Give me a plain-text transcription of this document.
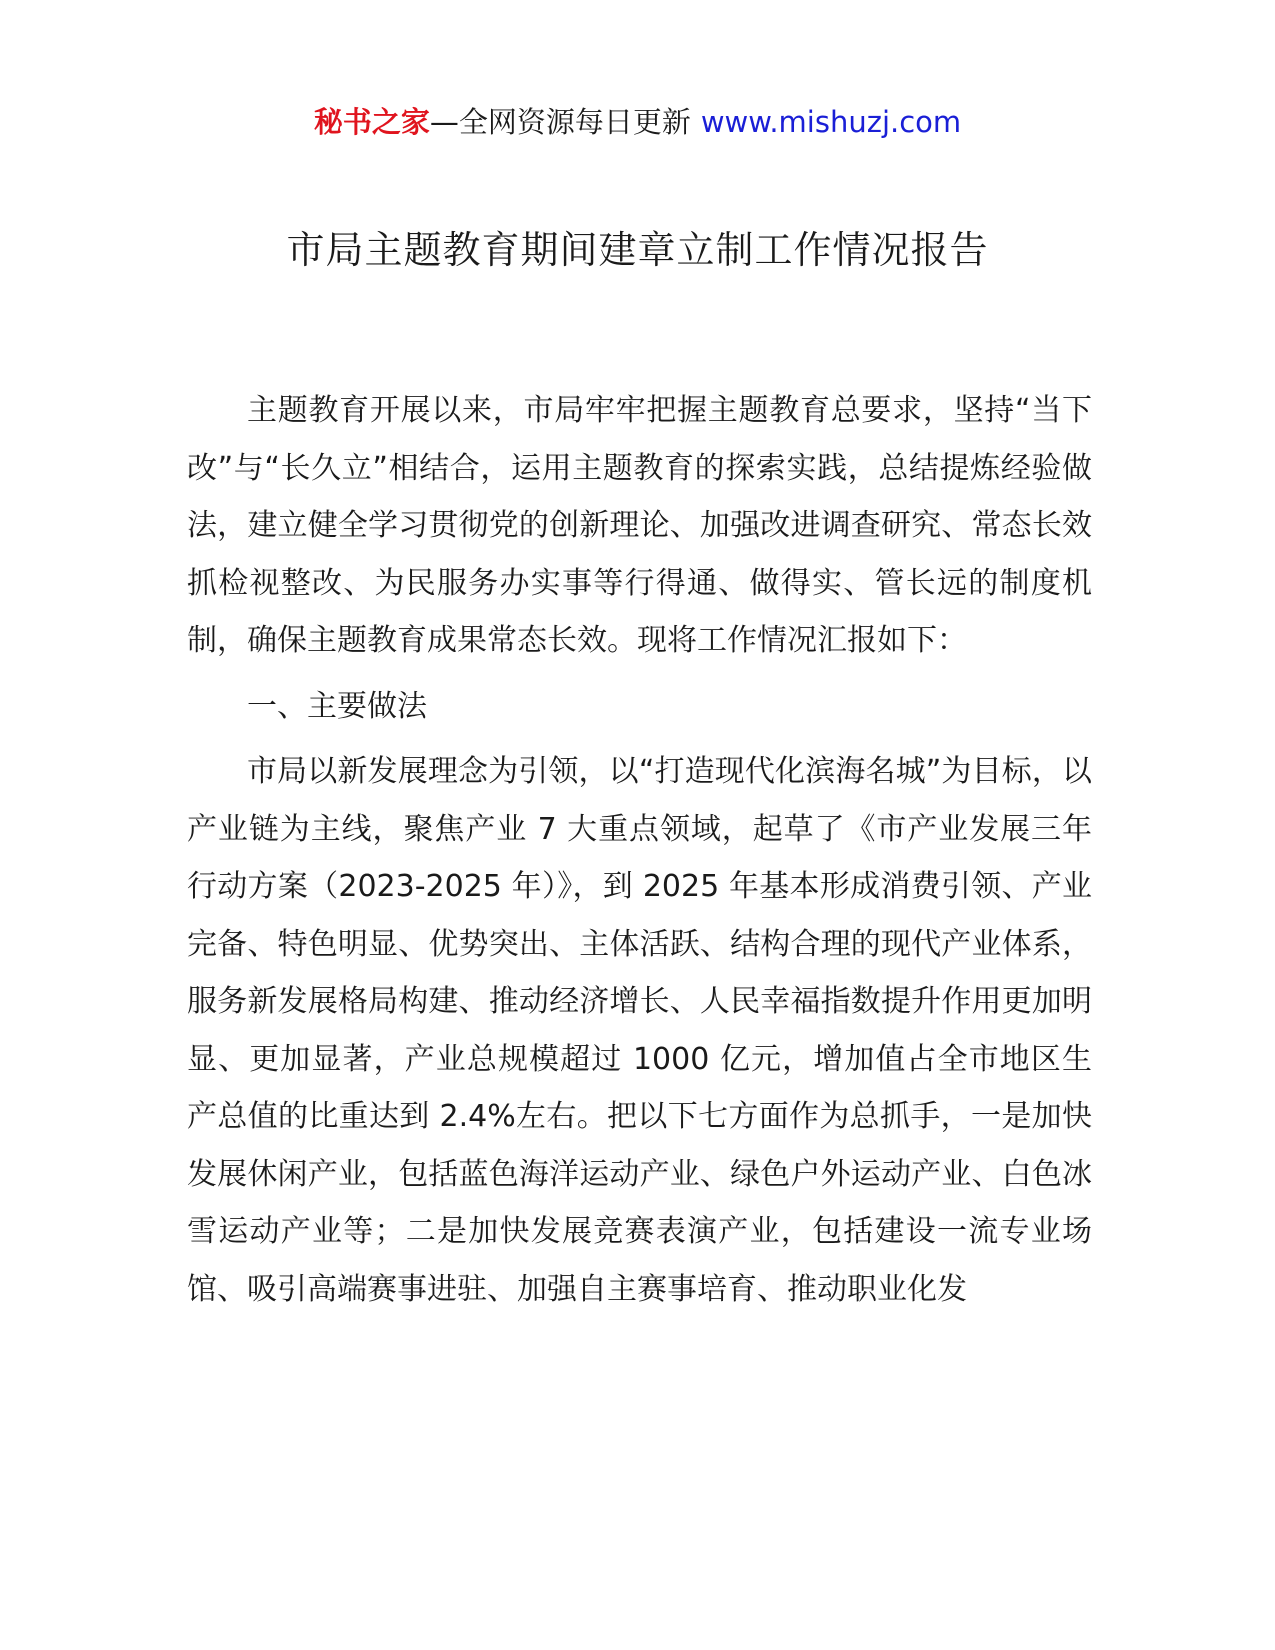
秘书之家—全网资源每日更新 www.mishuzj.com
市局主题教育期间建章立制工作情况报告

主题教育开展以来，市局牢牢把握主题教育总要求，坚持“当下改”与“长久立”相结合，运用主题教育的探索实践，总结提炼经验做法，建立健全学习贯彻党的创新理论、加强改进调查研究、常态长效抓检视整改、为民服务办实事等行得通、做得实、管长远的制度机制，确保主题教育成果常态长效。现将工作情况汇报如下：

一、主要做法

市局以新发展理念为引领，以“打造现代化滨海名城”为目标，以产业链为主线，聚焦产业 7 大重点领域，起草了《市产业发展三年行动方案（2023-2025 年）》，到 2025 年基本形成消费引领、产业完备、特色明显、优势突出、主体活跃、结构合理的现代产业体系，服务新发展格局构建、推动经济增长、人民幸福指数提升作用更加明显、更加显著，产业总规模超过 1000 亿元，增加值占全市地区生产总值的比重达到 2.4%左右。把以下七方面作为总抓手，一是加快发展休闲产业，包括蓝色海洋运动产业、绿色户外运动产业、白色冰雪运动产业等；二是加快发展竞赛表演产业，包括建设一流专业场馆、吸引高端赛事进驻、加强自主赛事培育、推动职业化发
